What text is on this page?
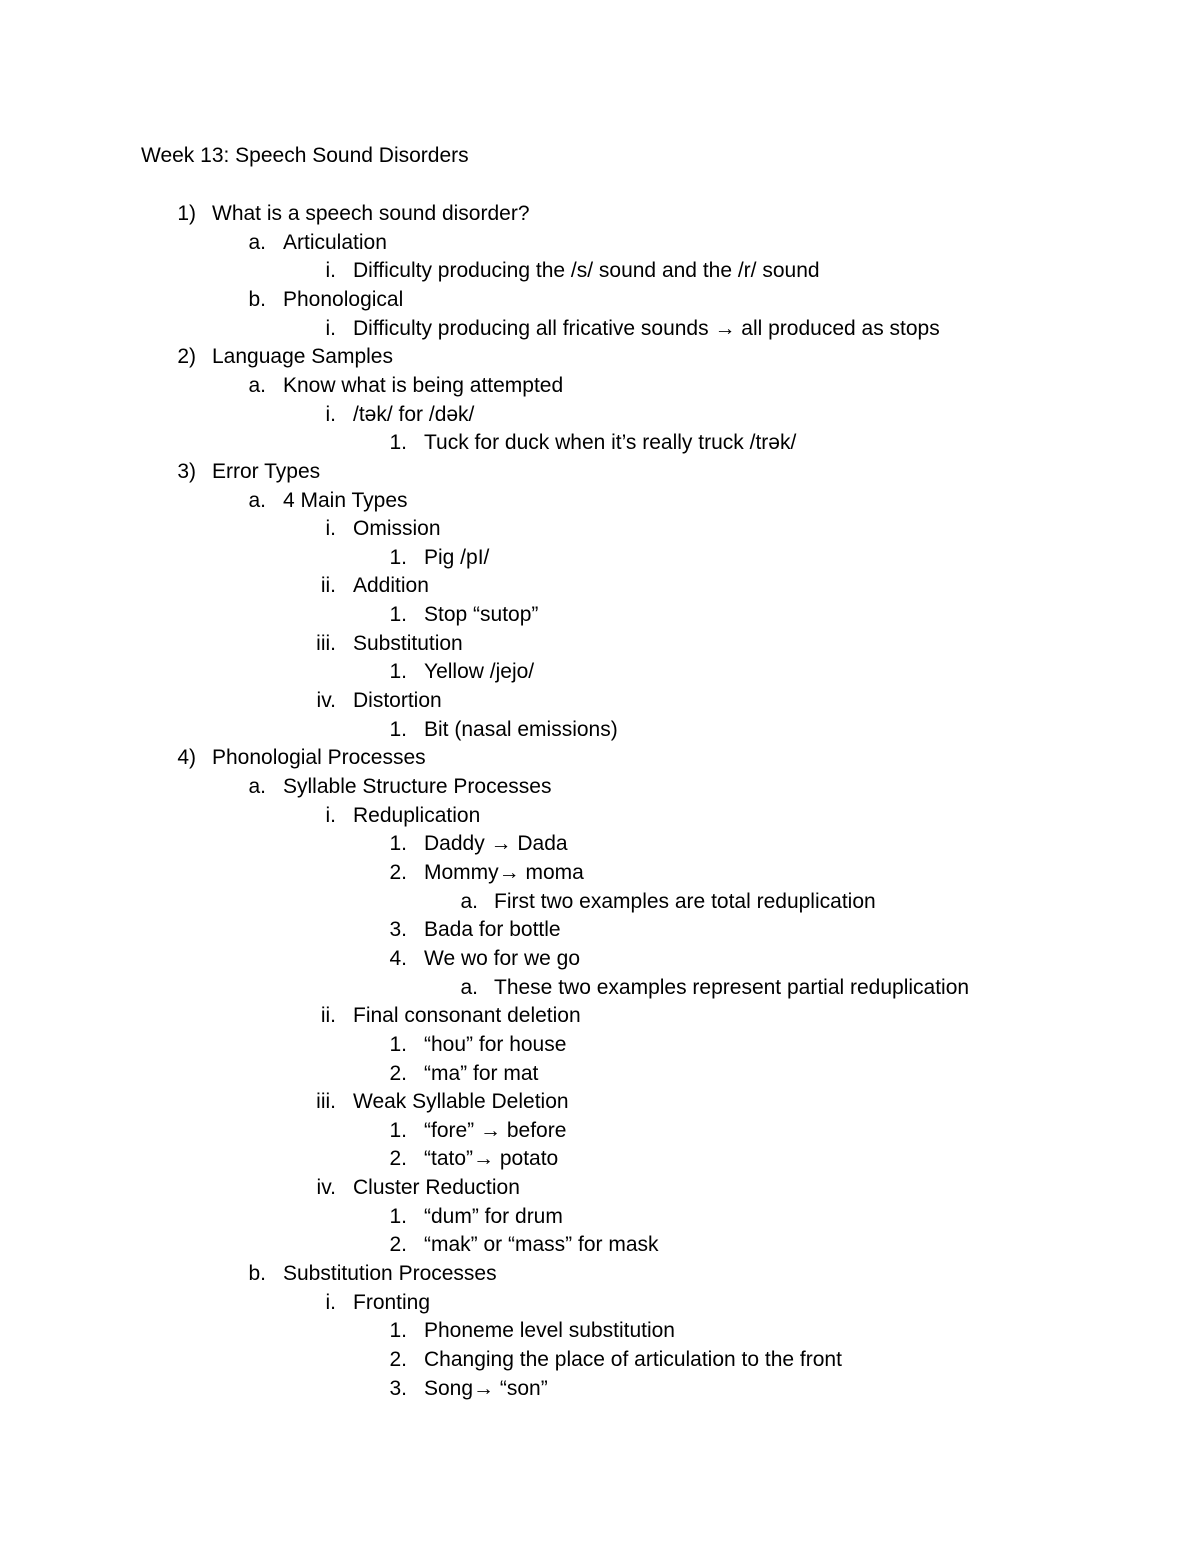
Week 13: Speech Sound Disorders
1) What is a speech sound disorder?
a. Articulation
i. Difficulty producing the /s/ sound and the /r/ sound
b. Phonological
i. Difficulty producing all fricative sounds → all produced as stops
2) Language Samples
a. Know what is being attempted
i. /tək/ for /dək/
1. Tuck for duck when it’s really truck /trək/
3) Error Types
a. 4 Main Types
i. Omission
1. Pig /pI/
ii. Addition
1. Stop “sutop”
iii. Substitution
1. Yellow /jejo/
iv. Distortion
1. Bit (nasal emissions)
4) Phonologial Processes
a. Syllable Structure Processes
i. Reduplication
1. Daddy → Dada
2. Mommy→ moma
a. First two examples are total reduplication
3. Bada for bottle
4. We wo for we go
a. These two examples represent partial reduplication
ii. Final consonant deletion
1. “hou” for house
2. “ma” for mat
iii. Weak Syllable Deletion
1. “fore” → before
2. “tato”→ potato
iv. Cluster Reduction
1. “dum” for drum
2. “mak” or “mass” for mask
b. Substitution Processes
i. Fronting
1. Phoneme level substitution
2. Changing the place of articulation to the front
3. Song→ “son”
